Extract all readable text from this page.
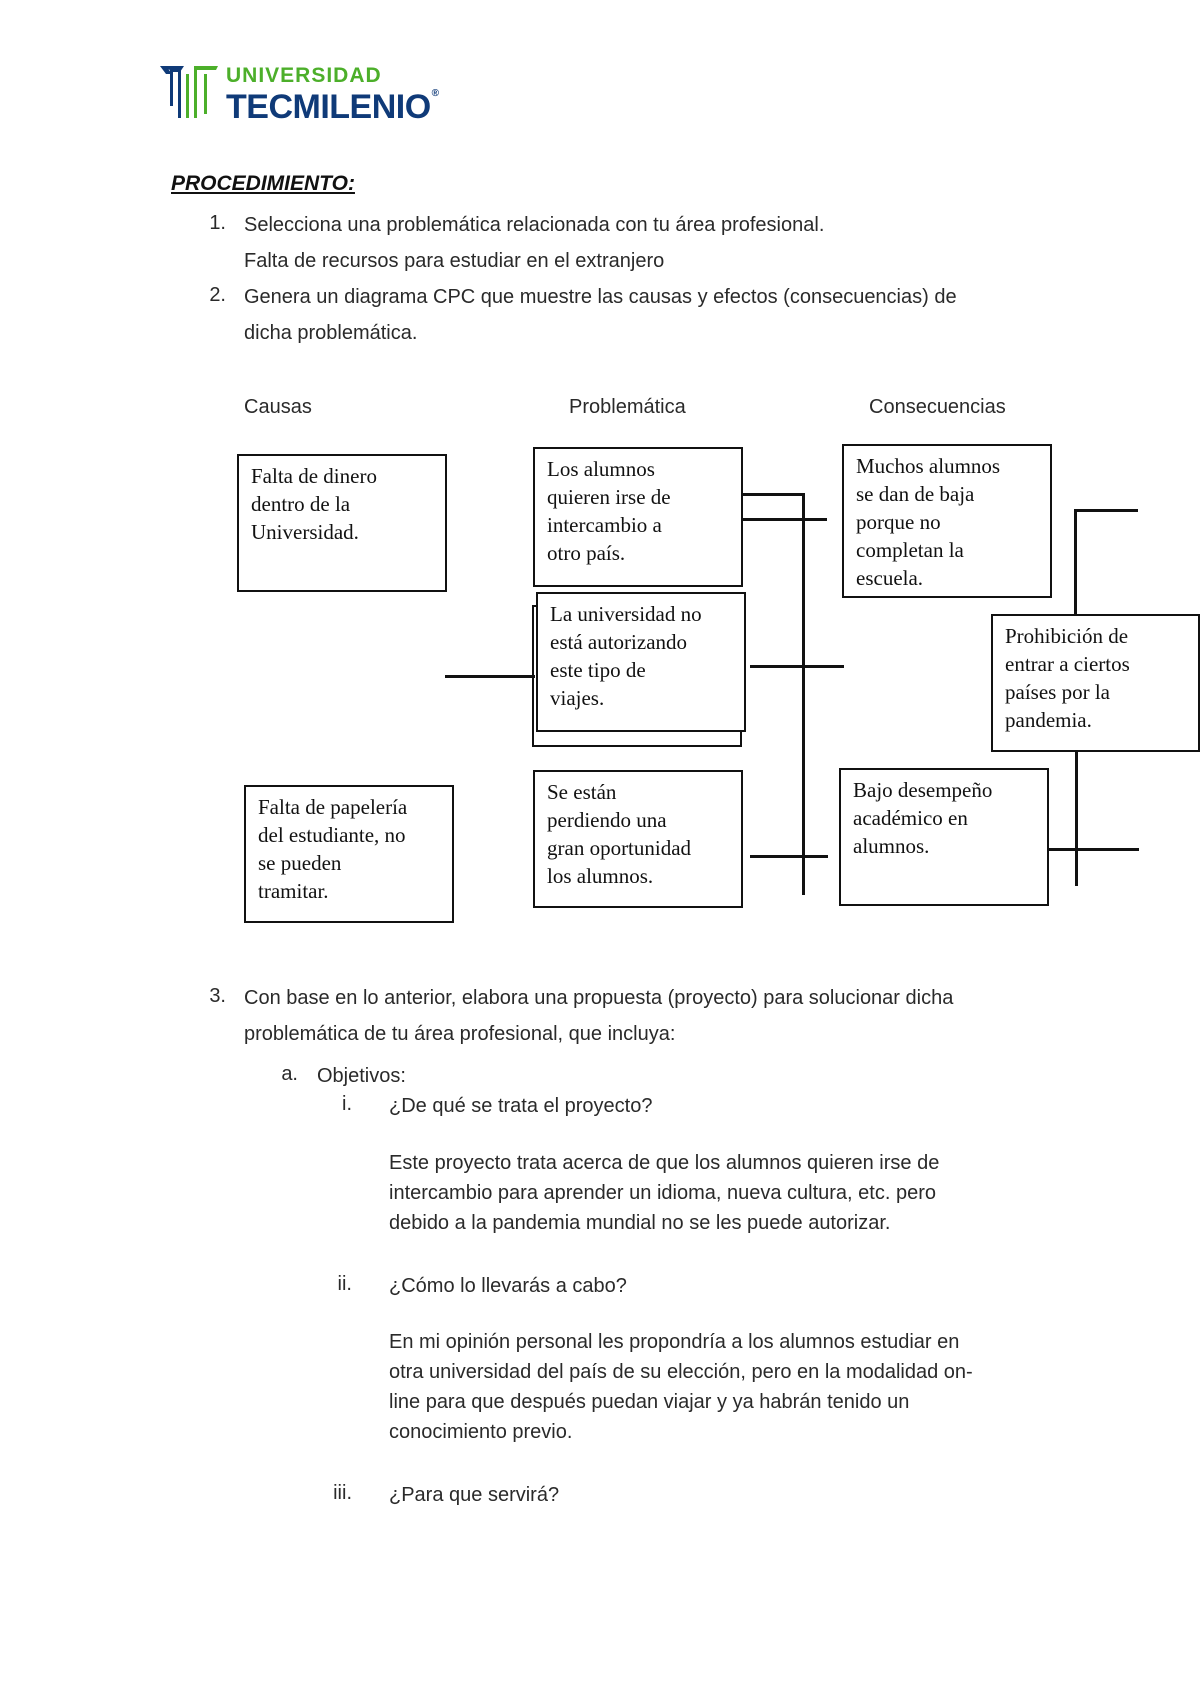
UNIVERSIDAD
TECMILENIO®
PROCEDIMIENTO:
1. Selecciona una problemática relacionada con tu área profesional.
Falta de recursos para estudiar en el extranjero
2. Genera un diagrama CPC que muestre las causas y efectos (consecuencias) de
dicha problemática.
Causas	Problemática	Consecuencias
Falta de dinero
dentro de la
Universidad.
Falta de papelería
del estudiante, no
se pueden
tramitar.
Los alumnos
quieren irse de
intercambio a
otro país.
La universidad no
está autorizando
este tipo de
viajes.
Se están
perdiendo una
gran oportunidad
los alumnos.
Muchos alumnos
se dan de baja
porque no
completan la
escuela.
Prohibición de
entrar a ciertos
países por la
pandemia.
Bajo desempeño
académico en
alumnos.
3. Con base en lo anterior, elabora una propuesta (proyecto) para solucionar dicha
problemática de tu área profesional, que incluya:
a. Objetivos:
i. ¿De qué se trata el proyecto?
Este proyecto trata acerca de que los alumnos quieren irse de
intercambio para aprender un idioma, nueva cultura, etc. pero
debido a la pandemia mundial no se les puede autorizar.
ii. ¿Cómo lo llevarás a cabo?
En mi opinión personal les propondría a los alumnos estudiar en
otra universidad del país de su elección, pero en la modalidad on-
line para que después puedan viajar y ya habrán tenido un
conocimiento previo.
iii. ¿Para que servirá?
